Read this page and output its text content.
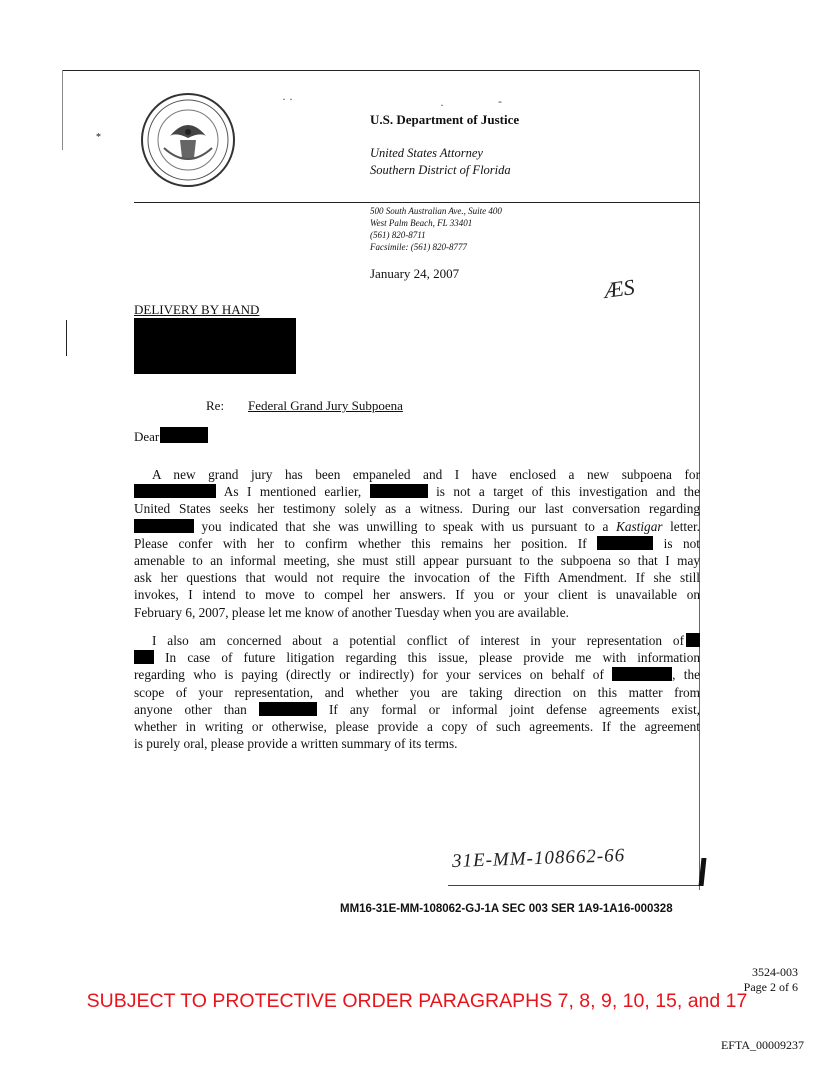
*
U.S. Department of Justice
United States Attorney
Southern District of Florida
500 South Australian Ave., Suite 400
West Palm Beach, FL 33401
(561) 820-8711
Facsimile: (561) 820-8777
January 24, 2007
ÆS
DELIVERY BY HAND
Re: Federal Grand Jury Subpoena
Dear
A new grand jury has been empaneled and I have enclosed a new subpoena for
As I mentioned earlier,	is not a target of this investigation and the
United States seeks her testimony solely as a witness. During our last conversation regarding
you indicated that she was unwilling to speak with us pursuant to a Kastigar letter.
Please confer with her to confirm whether this remains her position. If	is not
amenable to an informal meeting, she must still appear pursuant to the subpoena so that I may
ask her questions that would not require the invocation of the Fifth Amendment. If she still
invokes, I intend to move to compel her answers. If you or your client is unavailable on
February 6, 2007, please let me know of another Tuesday when you are available.
I also am concerned about a potential conflict of interest in your representation of
In case of future litigation regarding this issue, please provide me with information
regarding who is paying (directly or indirectly) for your services on behalf of	, the
scope of your representation, and whether you are taking direction on this matter from
anyone other than	If any formal or informal joint defense agreements exist,
whether in writing or otherwise, please provide a copy of such agreements. If the agreement
is purely oral, please provide a written summary of its terms.
31E-MM-108662-66
MM16-31E-MM-108062-GJ-1A SEC 003 SER 1A9-1A16-000328
3524-003
Page 2 of 6
SUBJECT TO PROTECTIVE ORDER PARAGRAPHS 7, 8, 9, 10, 15, and 17
EFTA_00009237
· ·	-
·
